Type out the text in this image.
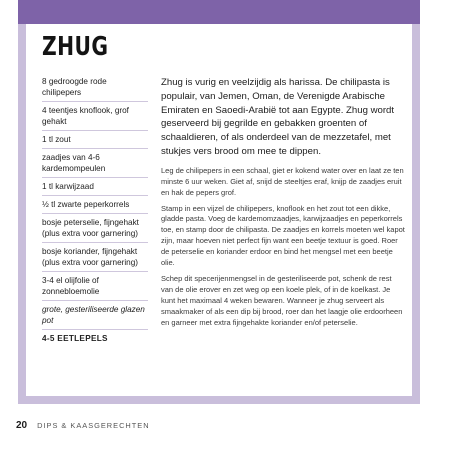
ZHUG
8 gedroogde rode chilipepers
4 teentjes knoflook, grof gehakt
1 tl zout
zaadjes van 4-6 kardemompeulen
1 tl karwijzaad
½ tl zwarte peperkorrels
bosje peterselie, fijngehakt (plus extra voor garnering)
bosje koriander, fijngehakt (plus extra voor garnering)
3-4 el olijfolie of zonnebloemolie
grote, gesteriliseerde glazen pot
4-5 EETLEPELS

Zhug is vurig en veelzijdig als harissa. De chilipasta is populair, van Jemen, Oman, de Verenigde Arabische Emiraten en Saoedi-Arabië tot aan Egypte. Zhug wordt geserveerd bij gegrilde en gebakken groenten of schaaldieren, of als onderdeel van de mezzetafel, met stukjes vers brood om mee te dippen.

Leg de chilipepers in een schaal, giet er kokend water over en laat ze ten minste 6 uur weken. Giet af, snijd de steeltjes eraf, knijp de zaadjes eruit en hak de pepers grof.

Stamp in een vijzel de chilipepers, knoflook en het zout tot een dikke, gladde pasta. Voeg de kardemomzaadjes, karwijzaadjes en peperkorrels toe, en stamp door de chilipasta. De zaadjes en korrels moeten wel kapot zijn, maar hoeven niet perfect fijn want een beetje textuur is goed. Roer de peterselie en koriander erdoor en bind het mengsel met een beetje olie.

Schep dit specerijenmengsel in de gesteriliseerde pot, schenk de rest van de olie erover en zet weg op een koele plek, of in de koelkast. Je kunt het maximaal 4 weken bewaren. Wanneer je zhug serveert als smaakmaker of als een dip bij brood, roer dan het laagje olie erdoorheen en garneer met extra fijngehakte koriander en/of peterselie.

20 DIPS & KAASGERECHTEN
